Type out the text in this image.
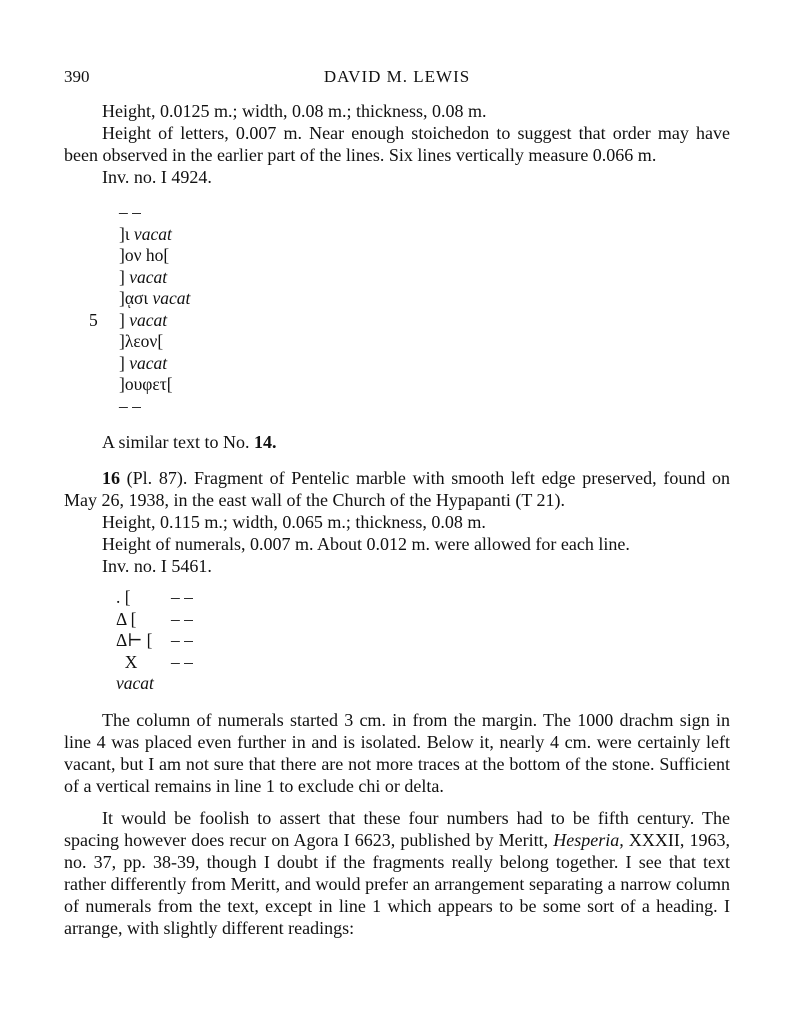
390	DAVID M. LEWIS

Height, 0.0125 m.; width, 0.08 m.; thickness, 0.08 m.

Height of letters, 0.007 m. Near enough stoichedon to suggest that order may have been observed in the earlier part of the lines. Six lines vertically measure 0.066 m.

Inv. no. I 4924.

– –
]ι vacat
]ον hο[
] vacat
]ᾳσι vacat
5	] vacat
]λεον[
] vacat
]ουφετ[
– –

A similar text to No. 14.

16 (Pl. 87). Fragment of Pentelic marble with smooth left edge preserved, found on May 26, 1938, in the east wall of the Church of the Hypapanti (T 21).

Height, 0.115 m.; width, 0.065 m.; thickness, 0.08 m.

Height of numerals, 0.007 m. About 0.012 m. were allowed for each line.

Inv. no. I 5461.

. [	– –
Δ [	– –
Δ⊢ [	– –
X	– –
vacat

The column of numerals started 3 cm. in from the margin. The 1000 drachm sign in line 4 was placed even further in and is isolated. Below it, nearly 4 cm. were certainly left vacant, but I am not sure that there are not more traces at the bottom of the stone. Sufficient of a vertical remains in line 1 to exclude chi or delta.

It would be foolish to assert that these four numbers had to be fifth century. The spacing however does recur on Agora I 6623, published by Meritt, Hesperia, XXXII, 1963, no. 37, pp. 38-39, though I doubt if the fragments really belong together. I see that text rather differently from Meritt, and would prefer an arrangement separating a narrow column of numerals from the text, except in line 1 which appears to be some sort of a heading. I arrange, with slightly different readings:
